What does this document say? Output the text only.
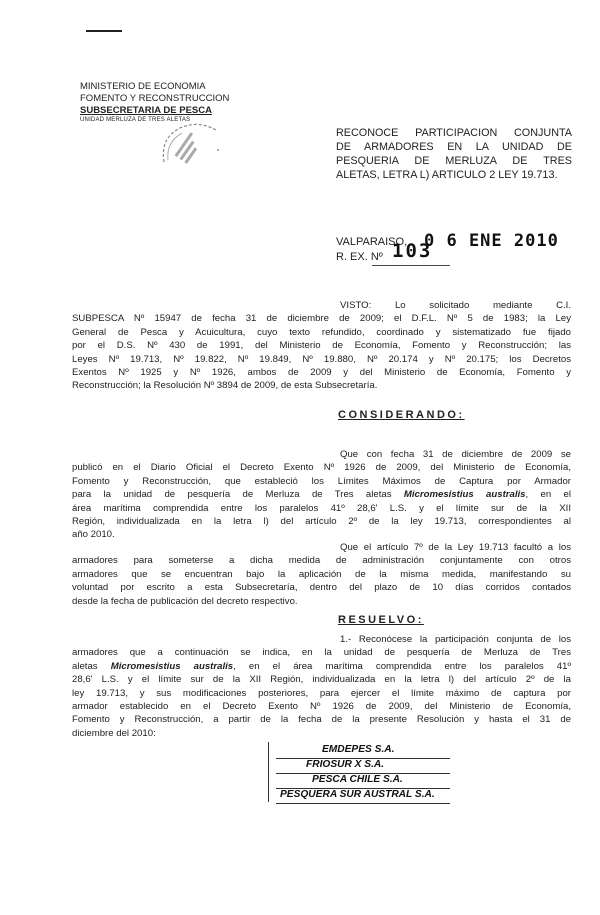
MINISTERIO DE ECONOMIA
FOMENTO Y RECONSTRUCCION
SUBSECRETARIA DE PESCA
UNIDAD MERLUZA DE TRES ALETAS
RECONOCE PARTICIPACION CONJUNTA
DE ARMADORES EN LA UNIDAD DE
PESQUERIA DE MERLUZA DE TRES
ALETAS, LETRA L) ARTICULO 2 LEY 19.713.
VALPARAISO, 0 6 ENE 2010
R. EX. Nº 103
VISTO: Lo solicitado mediante C.I.
SUBPESCA Nº 15947 de fecha 31 de diciembre de 2009; el D.F.L. Nº 5 de 1983; la Ley
General de Pesca y Acuicultura, cuyo texto refundido, coordinado y sistematizado fue fijado
por el D.S. Nº 430 de 1991, del Ministerio de Economía, Fomento y Reconstrucción; las
Leyes Nº 19.713, Nº 19.822, Nº 19.849, Nº 19.880, Nº 20.174 y Nº 20.175; los Decretos
Exentos Nº 1925 y Nº 1926, ambos de 2009 y del Ministerio de Economía, Fomento y
Reconstrucción; la Resolución Nº 3894 de 2009, de esta Subsecretaría.
CONSIDERANDO:
Que con fecha 31 de diciembre de 2009 se
publicó en el Diario Oficial el Decreto Exento Nº 1926 de 2009, del Ministerio de Economía,
Fomento y Reconstrucción, que estableció los Límites Máximos de Captura por Armador
para la unidad de pesquería de Merluza de Tres aletas Micromesistius australis, en el
área marítima comprendida entre los paralelos 41º 28,6' L.S. y el límite sur de la XII
Región, individualizada en la letra l) del artículo 2º de la ley 19.713, correspondientes al
año 2010.
Que el artículo 7º de la Ley 19.713 facultó a los
armadores para someterse a dicha medida de administración conjuntamente con otros
armadores que se encuentran bajo la aplicación de la misma medida, manifestando su
voluntad por escrito a esta Subsecretaría, dentro del plazo de 10 días corridos contados
desde la fecha de publicación del decreto respectivo.
RESUELVO:
1.- Reconócese la participación conjunta de los
armadores que a continuación se indica, en la unidad de pesquería de Merluza de Tres
aletas Micromesistius australis, en el área marítima comprendida entre los paralelos 41º
28,6' L.S. y el límite sur de la XII Región, individualizada en la letra l) del artículo 2º de la
ley 19.713, y sus modificaciones posteriores, para ejercer el límite máximo de captura por
armador establecido en el Decreto Exento Nº 1926 de 2009, del Ministerio de Economía,
Fomento y Reconstrucción, a partir de la fecha de la presente Resolución y hasta el 31 de
diciembre del 2010:
EMDEPES S.A.
FRIOSUR X S.A.
PESCA CHILE S.A.
PESQUERA SUR AUSTRAL S.A.
